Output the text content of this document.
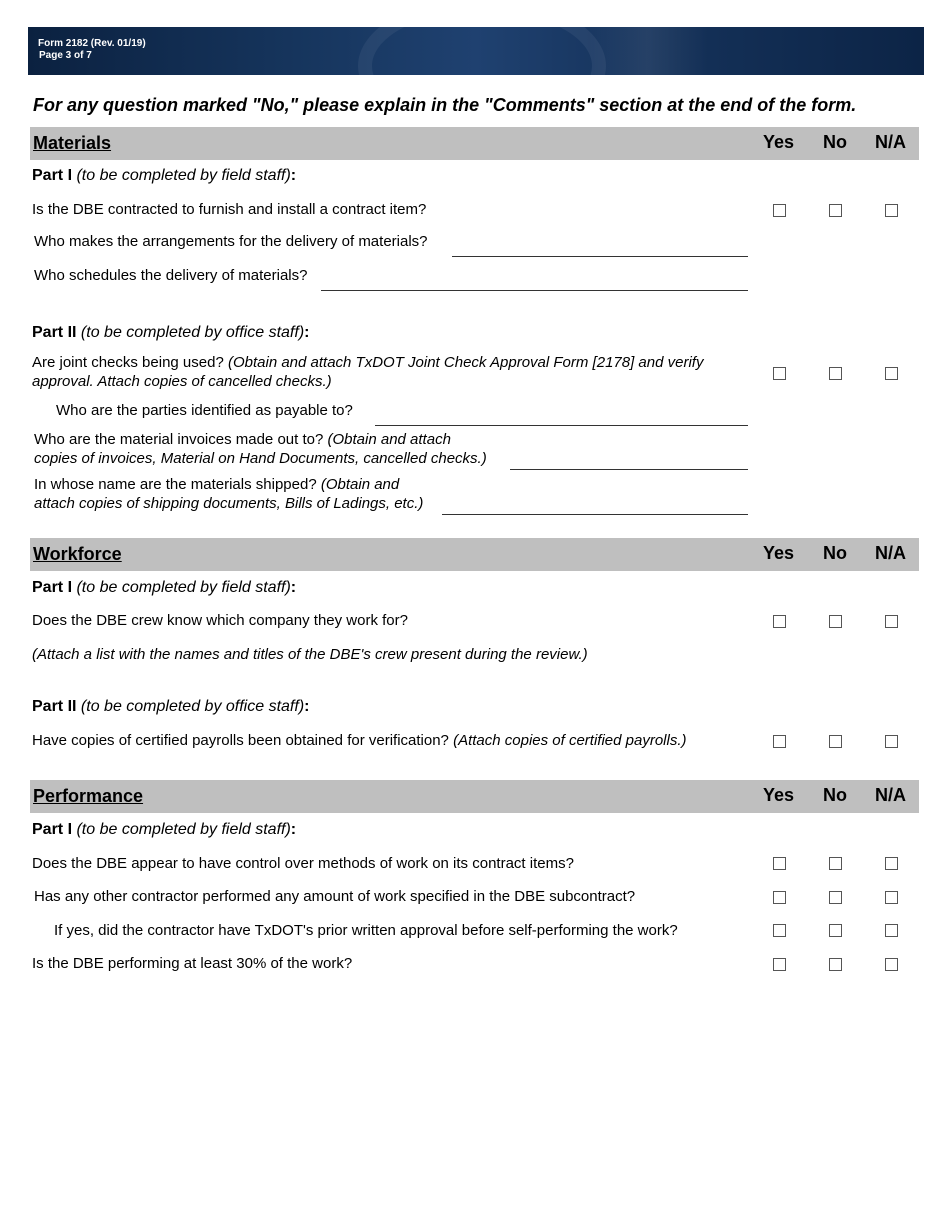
Form 2182 (Rev. 01/19)
Page 3 of 7
For any question marked "No," please explain in the "Comments" section at the end of the form.
Materials	Yes No N/A
Part I (to be completed by field staff):
Is the DBE contracted to furnish and install a contract item?
Who makes the arrangements for the delivery of materials?
Who schedules the delivery of materials?
Part II (to be completed by office staff):
Are joint checks being used? (Obtain and attach TxDOT Joint Check Approval Form [2178] and verify approval. Attach copies of cancelled checks.)
Who are the parties identified as payable to?
Who are the material invoices made out to? (Obtain and attach
copies of invoices, Material on Hand Documents, cancelled checks.)
In whose name are the materials shipped? (Obtain and
attach copies of shipping documents, Bills of Ladings, etc.)
Workforce	Yes No N/A
Part I (to be completed by field staff):
Does the DBE crew know which company they work for?
(Attach a list with the names and titles of the DBE's crew present during the review.)
Part II (to be completed by office staff):
Have copies of certified payrolls been obtained for verification? (Attach copies of certified payrolls.)
Performance	Yes No N/A
Part I (to be completed by field staff):
Does the DBE appear to have control over methods of work on its contract items?
Has any other contractor performed any amount of work specified in the DBE subcontract?
If yes, did the contractor have TxDOT's prior written approval before self-performing the work?
Is the DBE performing at least 30% of the work?
